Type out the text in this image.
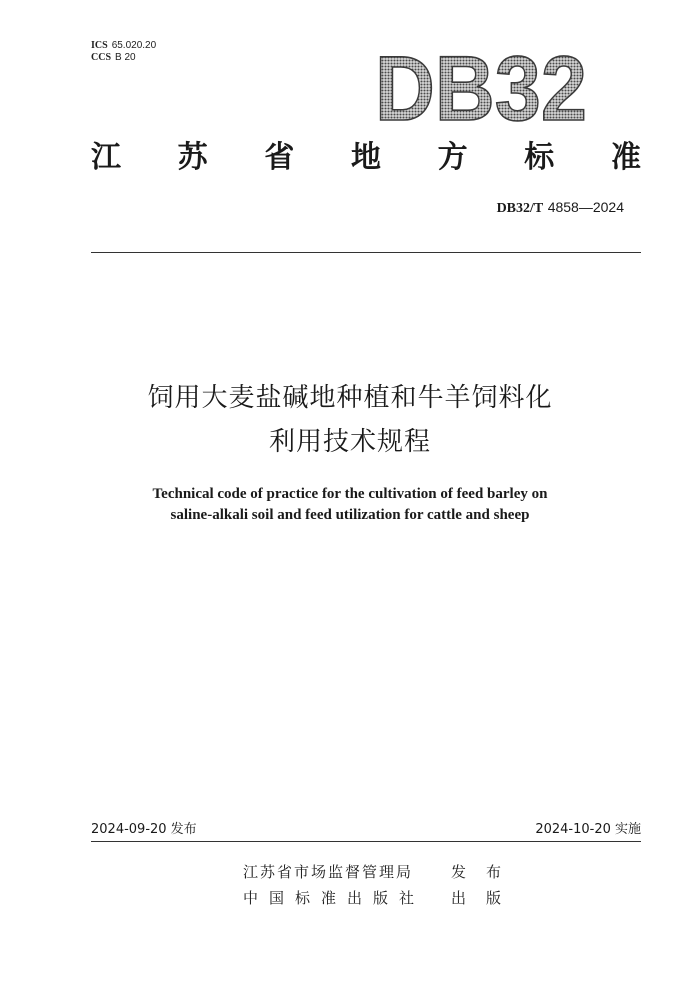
ICS 65.020.20
CCS B 20	DB32
江 苏 省 地 方 标 准
DB32/T 4858—2024
饲用大麦盐碱地种植和牛羊饲料化
利用技术规程
Technical code of practice for the cultivation of feed barley on
saline-alkali soil and feed utilization for cattle and sheep
2024-09-20 发布	2024-10-20 实施
江苏省市场监督管理局	发布
中国标准出版社 出版
